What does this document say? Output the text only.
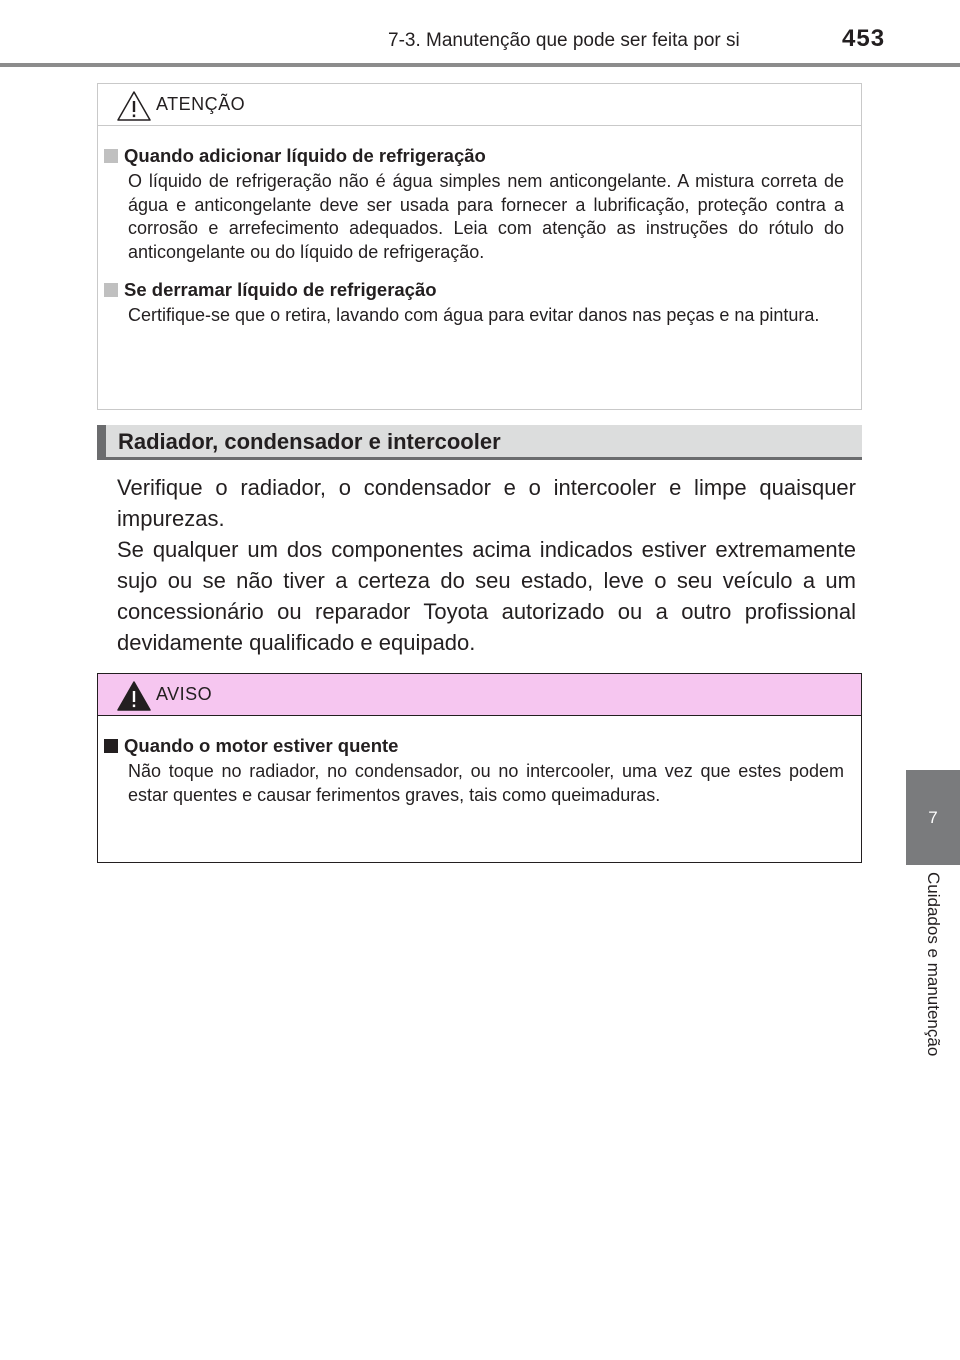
7-3. Manutenção que pode ser feita por si	453
7
Cuidados e manutenção
ATENÇÃO
Quando adicionar líquido de refrigeração
O líquido de refrigeração não é água simples nem anticongelante. A mistura correta de água e anticongelante deve ser usada para fornecer a lubrificação, proteção contra a corrosão e arrefecimento adequados. Leia com atenção as instruções do rótulo do anticongelante ou do líquido de refrigeração.
Se derramar líquido de refrigeração
Certifique-se que o retira, lavando com água para evitar danos nas peças e na pintura.
Radiador, condensador e intercooler

Verifique o radiador, o condensador e o intercooler e limpe quaisquer impurezas.

Se qualquer um dos componentes acima indicados estiver extremamente sujo ou se não tiver a certeza do seu estado, leve o seu veículo a um concessionário ou reparador Toyota autorizado ou a outro profissional devidamente qualificado e equipado.

AVISO
Quando o motor estiver quente
Não toque no radiador, no condensador, ou no intercooler, uma vez que estes podem estar quentes e causar ferimentos graves, tais como queimaduras.
